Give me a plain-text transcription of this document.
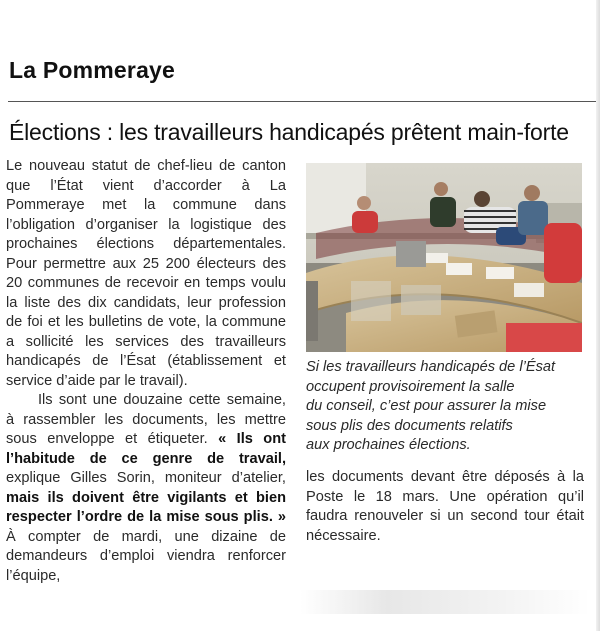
La Pommeraye
Élections : les travailleurs handicapés prêtent main-forte

Le nouveau statut de chef-lieu de canton que l’État vient d’accorder à La Pommeraye met la commune dans l’obligation d’organiser la logistique des prochaines élections départementales. Pour permettre aux 25 200 électeurs des 20 communes de recevoir en temps voulu la liste des dix candidats, leur profession de foi et les bulletins de vote, la commune a sollicité les services des travailleurs handicapés de l’Ésat (établissement et service d’aide par le travail).

Ils sont une douzaine cette semaine, à rassembler les documents, les mettre sous enveloppe et étiqueter. « Ils ont l’habitude de ce genre de travail, explique Gilles Sorin, moniteur d’atelier, mais ils doivent être vigilants et bien respecter l’ordre de la mise sous plis. » À compter de mardi, une dizaine de demandeurs d’emploi viendra renforcer l’équipe,

Si les travailleurs handicapés de l’Ésat
occupent provisoirement la salle
du conseil, c’est pour assurer la mise
sous plis des documents relatifs
aux prochaines élections.

les documents devant être déposés à la Poste le 18 mars. Une opération qu’il faudra renouveler si un second tour était nécessaire.
